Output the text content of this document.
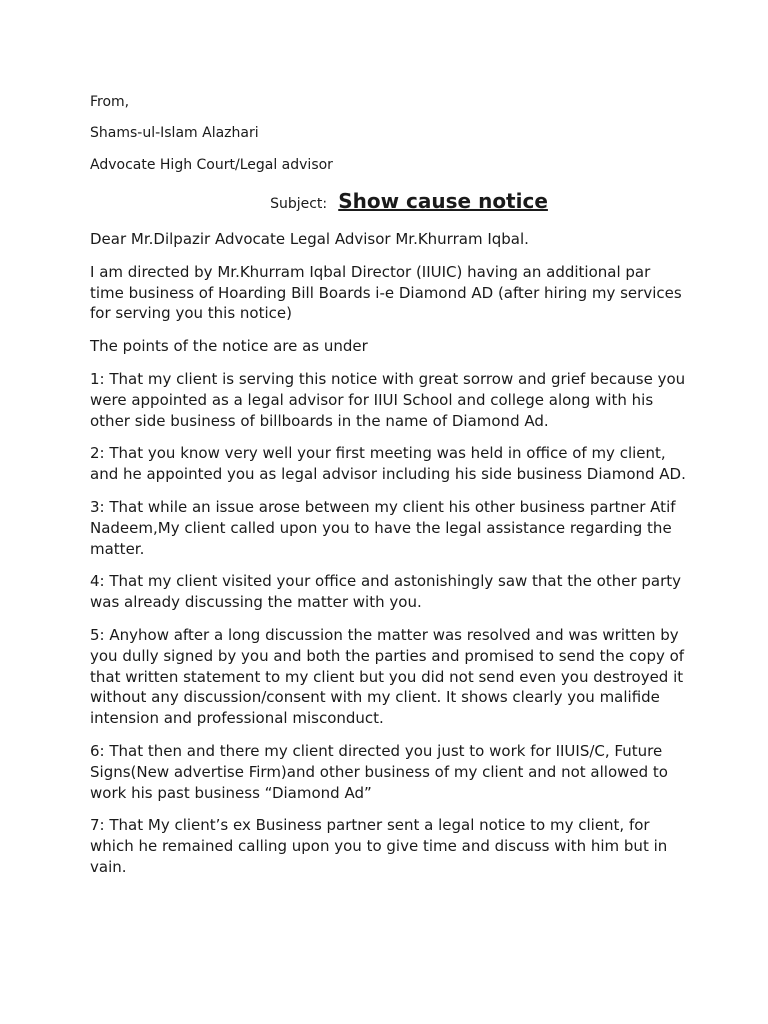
From,

Shams-ul-Islam Alazhari

Advocate High Court/Legal advisor

Subject: Show cause notice

Dear Mr.Dilpazir Advocate Legal Advisor Mr.Khurram Iqbal.

I am directed by Mr.Khurram Iqbal Director (IIUIC) having an additional par time business of Hoarding Bill Boards i-e Diamond AD (after hiring my services for serving you this notice)

The points of the notice are as under

1: That my client is serving this notice with great sorrow and grief because you were appointed as a legal advisor for IIUI School and college along with his other side business of billboards in the name of Diamond Ad.

2: That you know very well your first meeting was held in office of my client, and he appointed you as legal advisor including his side business Diamond AD.

3: That while an issue arose between my client his other business partner Atif Nadeem,My client called upon you to have the legal assistance regarding the matter.

4: That my client visited your office and astonishingly saw that the other party was already discussing the matter with you.

5: Anyhow after a long discussion the matter was resolved and was written by you dully signed by you and both the parties and promised to send the copy of that written statement to my client but you did not send even you destroyed it without any discussion/consent with my client. It shows clearly you malifide intension and professional misconduct.

6: That then and there my client directed you just to work for IIUIS/C, Future Signs(New advertise Firm)and other business of my client and not allowed to work his past business “Diamond Ad”

7: That My client’s ex Business partner sent a legal notice to my client, for which he remained calling upon you to give time and discuss with him but in vain.
